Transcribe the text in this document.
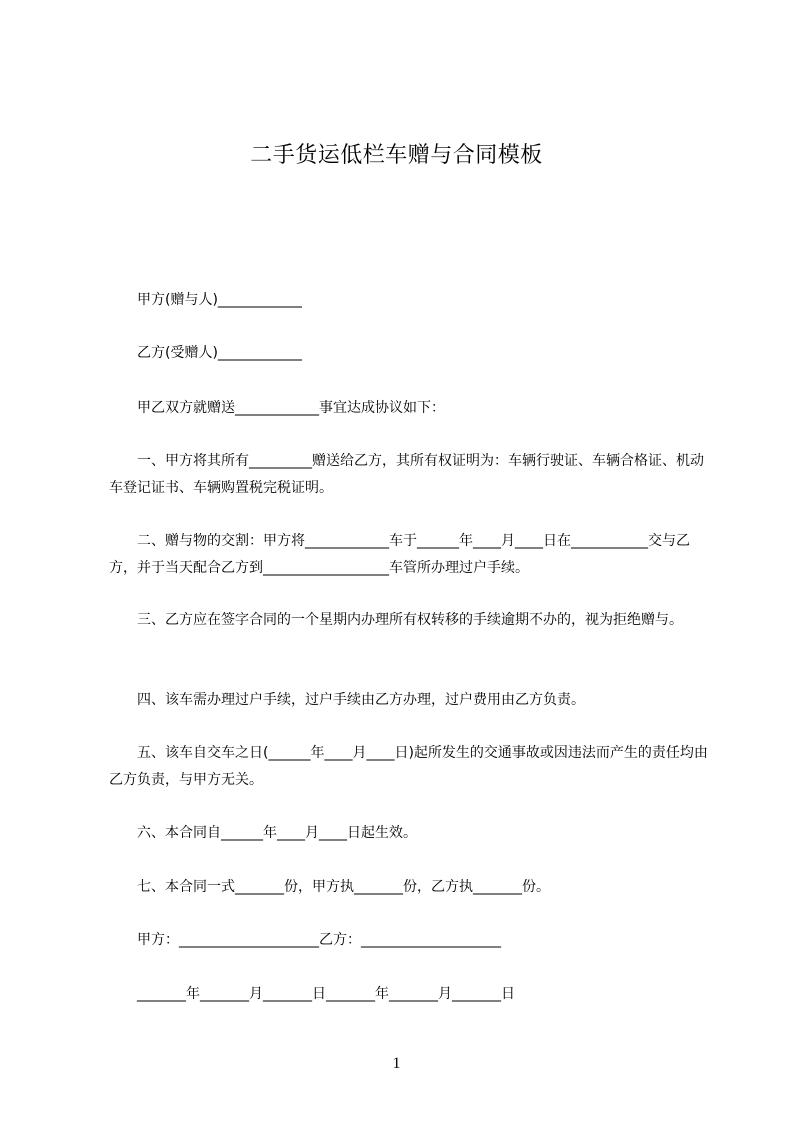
二手货运低栏车赠与合同模板
　　甲方(赠与人)____________
　　乙方(受赠人)____________
　　甲乙双方就赠送____________事宜达成协议如下：
　　一、甲方将其所有_________赠送给乙方，其所有权证明为：车辆行驶证、车辆合格证、机动车登记证书、车辆购置税完税证明。
　　二、赠与物的交割：甲方将____________车于______年____月____日在___________交与乙方，并于当天配合乙方到__________________车管所办理过户手续。
　　三、乙方应在签字合同的一个星期内办理所有权转移的手续逾期不办的，视为拒绝赠与。
　　四、该车需办理过户手续，过户手续由乙方办理，过户费用由乙方负责。
　　五、该车自交车之日(______年____月____日)起所发生的交通事故或因违法而产生的责任均由乙方负责，与甲方无关。
　　六、本合同自______年____月____日起生效。
　　七、本合同一式_______份，甲方执_______份，乙方执_______份。
　　甲方：____________________乙方：____________________
　　_______年_______月_______日_______年_______月_______日
1
